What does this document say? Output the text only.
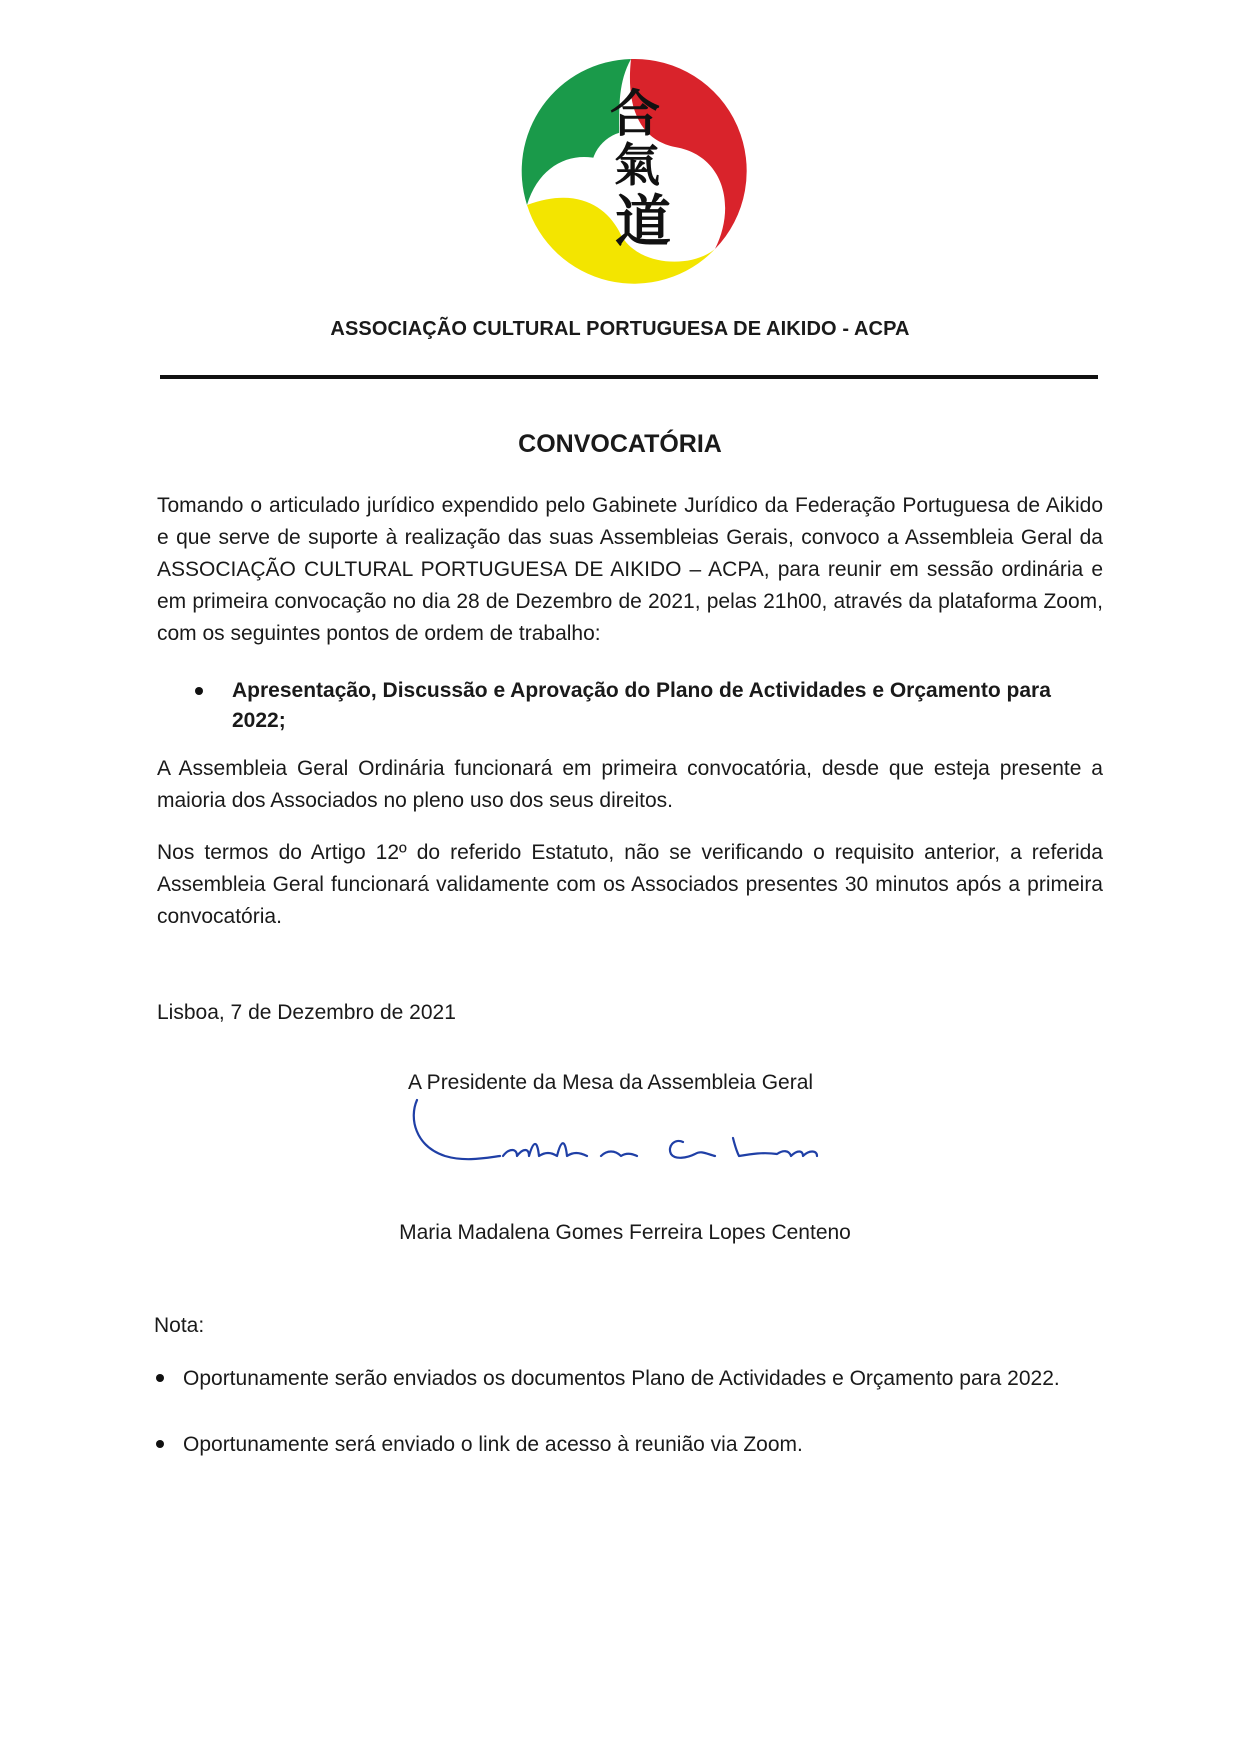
合
氣
道
ASSOCIAÇÃO CULTURAL PORTUGUESA DE AIKIDO - ACPA
CONVOCATÓRIA

Tomando o articulado jurídico expendido pelo Gabinete Jurídico da Federação Portuguesa de Aikido e que serve de suporte à realização das suas Assembleias Gerais, convoco a Assembleia Geral da ASSOCIAÇÃO CULTURAL PORTUGUESA DE AIKIDO – ACPA, para reunir em sessão ordinária e em primeira convocação no dia 28 de Dezembro de 2021, pelas 21h00, através da plataforma Zoom, com os seguintes pontos de ordem de trabalho:

Apresentação, Discussão e Aprovação do Plano de Actividades e Orçamento para 2022;

A Assembleia Geral Ordinária funcionará em primeira convocatória, desde que esteja presente a maioria dos Associados no pleno uso dos seus direitos.

Nos termos do Artigo 12º do referido Estatuto, não se verificando o requisito anterior, a referida Assembleia Geral funcionará validamente com os Associados presentes 30 minutos após a primeira convocatória.

Lisboa, 7 de Dezembro de 2021
A Presidente da Mesa da Assembleia Geral
Maria Madalena Gomes Ferreira Lopes Centeno
Nota:
Oportunamente serão enviados os documentos Plano de Actividades e Orçamento para 2022.
Oportunamente será enviado o link de acesso à reunião via Zoom.
